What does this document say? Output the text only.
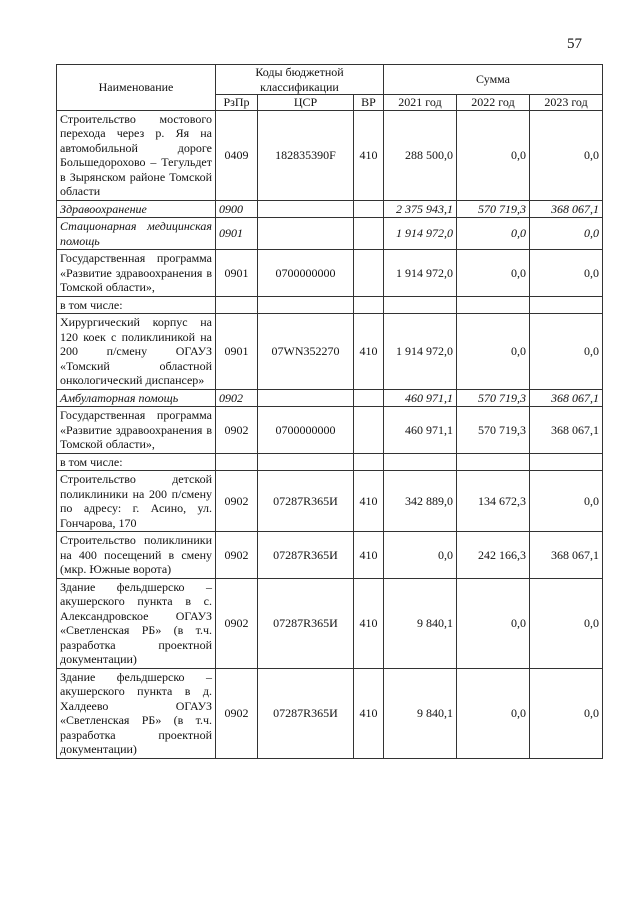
57
Наименование	Коды бюджетной классификации			Сумма		
	РзПр	ЦСР	ВР	2021 год	2022 год	2023 год
Строительство мостового перехода через р. Яя на автомобильной дороге Большедорохово – Тегульдет в Зырянском районе Томской области	0409	182835390F	410	288 500,0	0,0	0,0
Здравоохранение	0900			2 375 943,1	570 719,3	368 067,1
Стационарная медицинская помощь	0901			1 914 972,0	0,0	0,0
Государственная программа «Развитие здравоохранения в Томской области»,	0901	0700000000		1 914 972,0	0,0	0,0
в том числе:						
Хирургический корпус на 120 коек с поликлиникой на 200 п/смену ОГАУЗ «Томский областной онкологический диспансер»	0901	07WN352270	410	1 914 972,0	0,0	0,0
Амбулаторная помощь	0902			460 971,1	570 719,3	368 067,1
Государственная программа «Развитие здравоохранения в Томской области»,	0902	0700000000		460 971,1	570 719,3	368 067,1
в том числе:						
Строительство детской поликлиники на 200 п/смену по адресу: г. Асино, ул. Гончарова, 170	0902	07287R365И	410	342 889,0	134 672,3	0,0
Строительство поликлиники на 400 посещений в смену (мкр. Южные ворота)	0902	07287R365И	410	0,0	242 166,3	368 067,1
Здание фельдшерско – акушерского пункта в с. Александровское ОГАУЗ «Светленская РБ» (в т.ч. разработка проектной документации)	0902	07287R365И	410	9 840,1	0,0	0,0
Здание фельдшерско – акушерского пункта в д. Халдеево ОГАУЗ «Светленская РБ» (в т.ч. разработка проектной документации)	0902	07287R365И	410	9 840,1	0,0	0,0
